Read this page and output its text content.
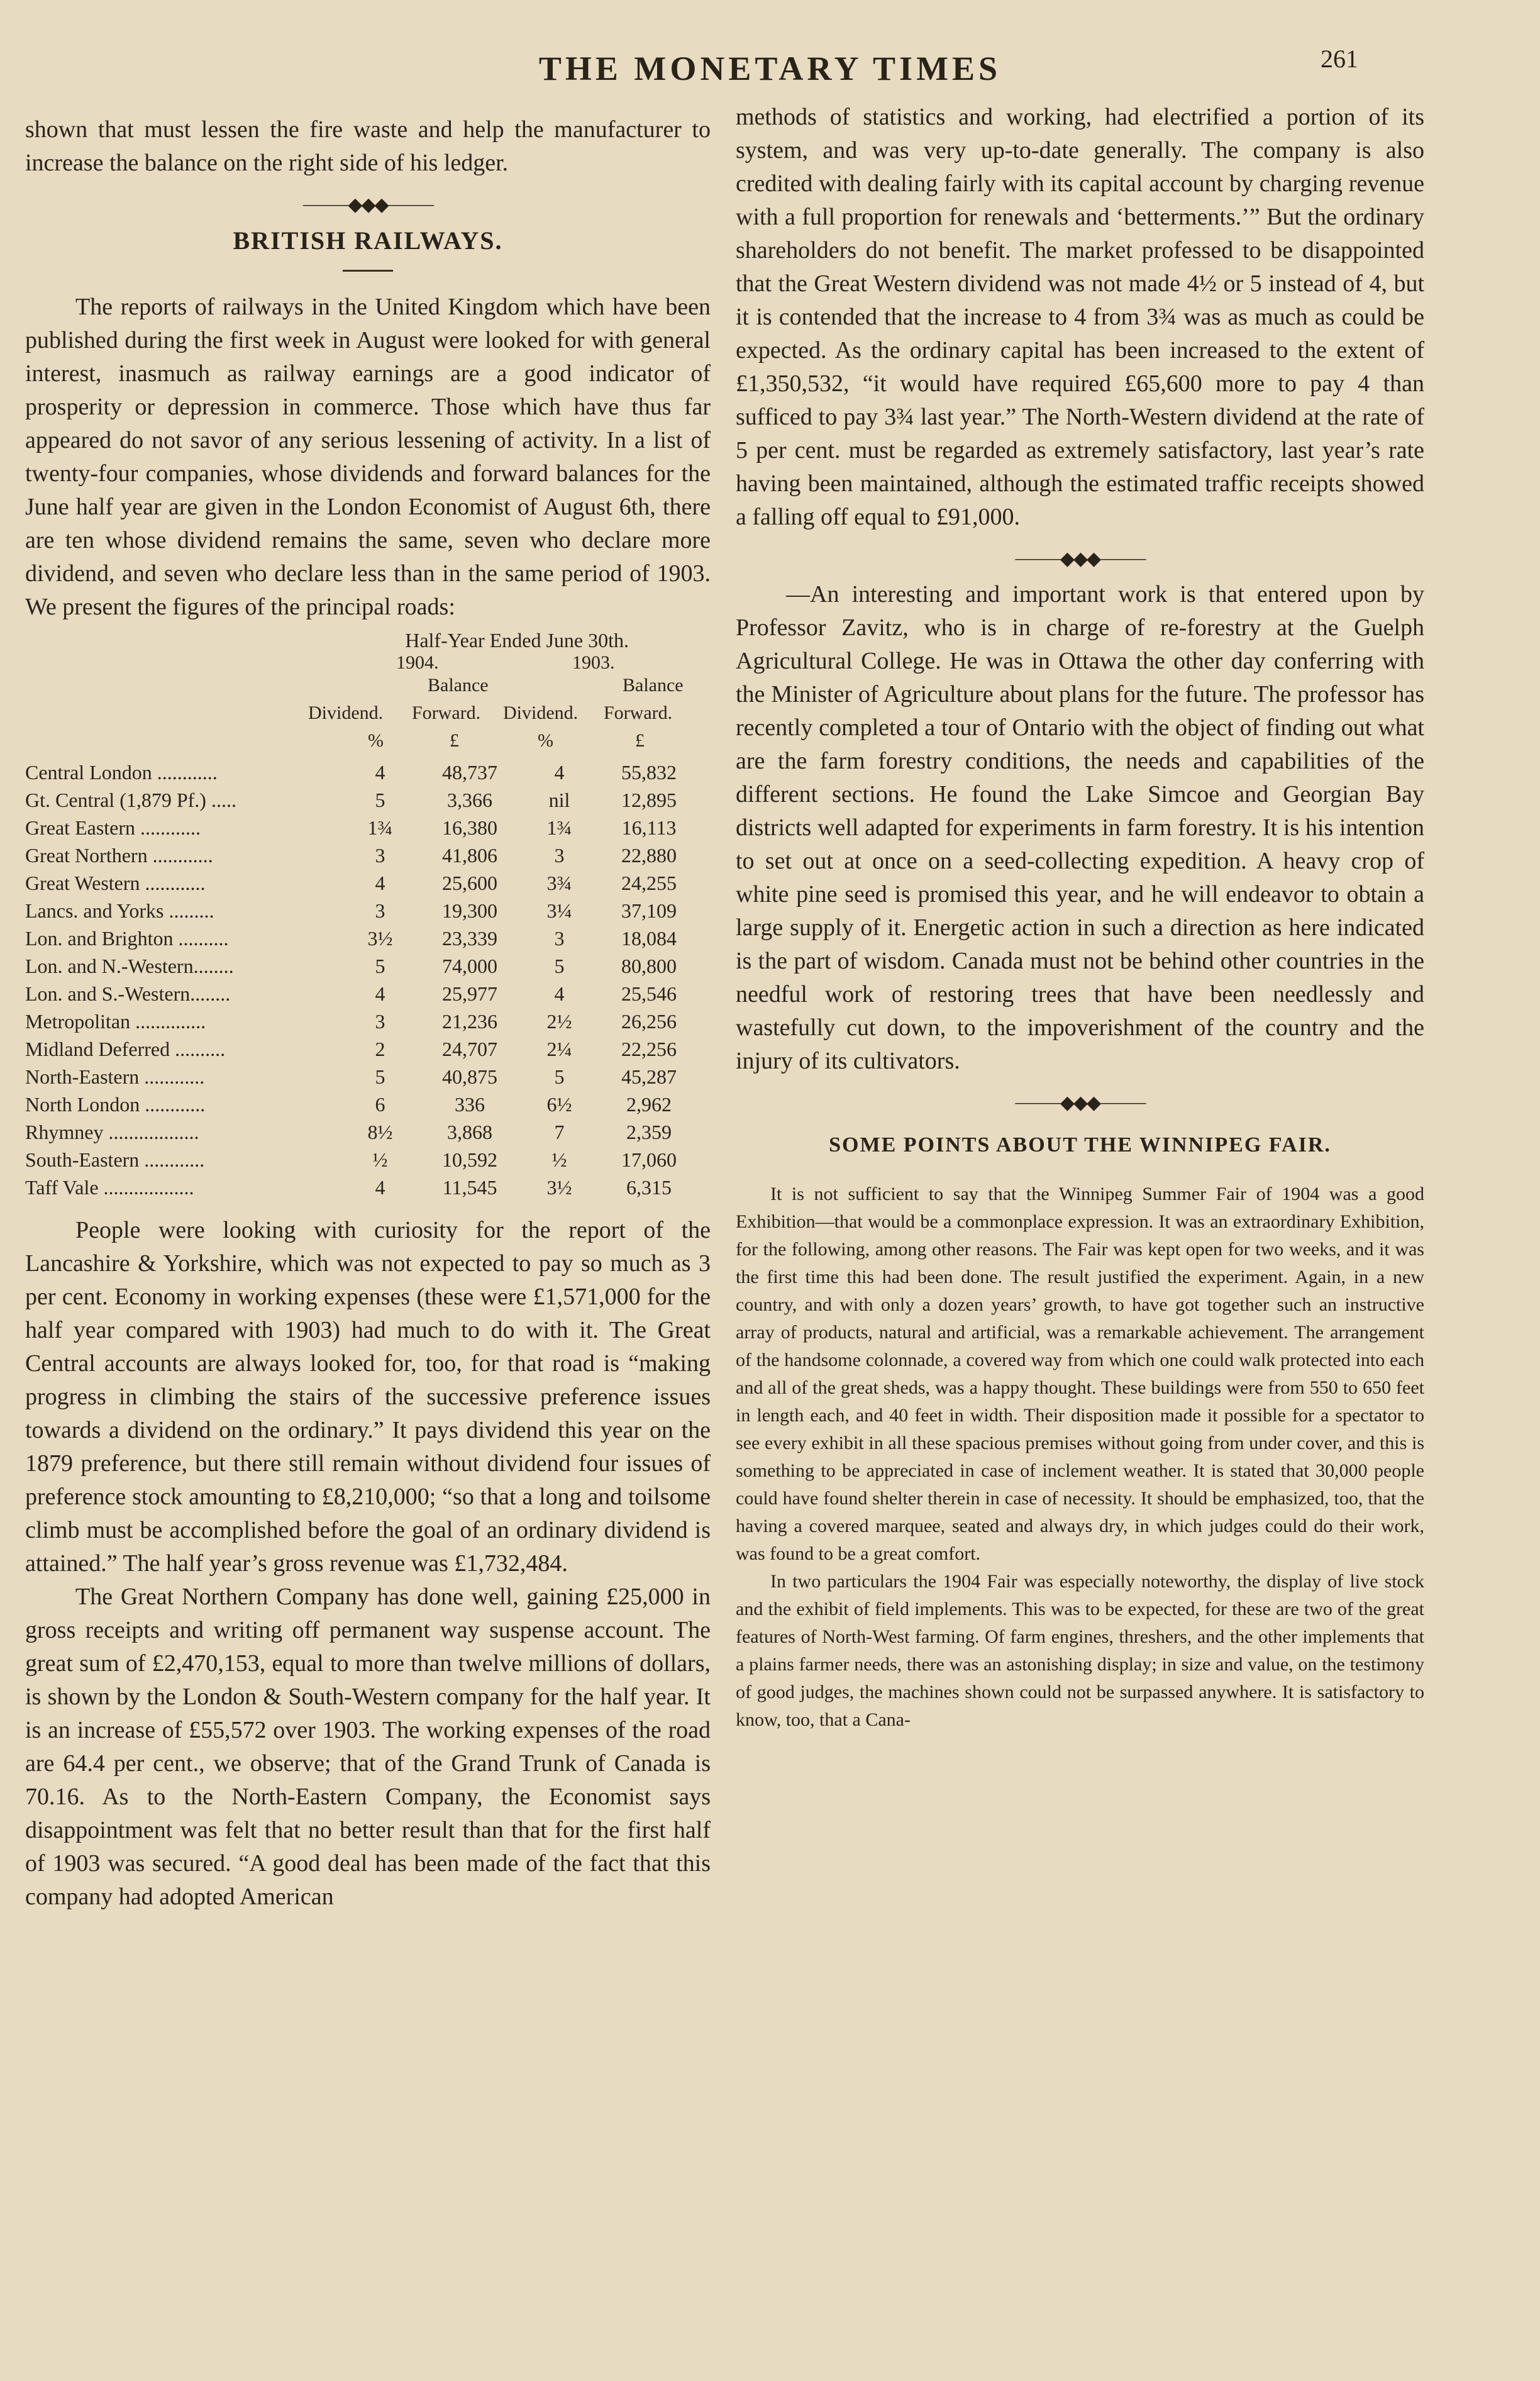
THE MONETARY TIMES	261

shown that must lessen the fire waste and help the manufacturer to increase the balance on the right side of his ledger.

⸻◆◆◆⸻
BRITISH RAILWAYS.

The reports of railways in the United Kingdom which have been published during the first week in August were looked for with general interest, inasmuch as railway earnings are a good indicator of prosperity or depression in commerce. Those which have thus far appeared do not savor of any serious lessening of activity. In a list of twenty-four companies, whose dividends and forward balances for the June half year are given in the London Economist of August 6th, there are ten whose dividend remains the same, seven who declare more dividend, and seven who declare less than in the same period of 1903. We present the figures of the principal roads:

Half-Year Ended June 30th.
1904.	1903.
Balance	Balance
Dividend. Forward. Dividend. Forward.
%	£	%	£
Central London ............	4	48,737	4	55,832
Gt. Central (1,879 Pf.) .....	5	3,366	nil	12,895
Great Eastern ............	1¾	16,380	1¾	16,113
Great Northern ............	3	41,806	3	22,880
Great Western ............	4	25,600	3¾	24,255
Lancs. and Yorks .........	3	19,300	3¼	37,109
Lon. and Brighton ..........	3½	23,339	3	18,084
Lon. and N.-Western........	5	74,000	5	80,800
Lon. and S.-Western........	4	25,977	4	25,546
Metropolitan ..............	3	21,236	2½	26,256
Midland Deferred ..........	2	24,707	2¼	22,256
North-Eastern ............	5	40,875	5	45,287
North London ............	6	336	6½	2,962
Rhymney ..................	8½	3,868	7	2,359
South-Eastern ............	½	10,592	½	17,060
Taff Vale ..................	4	11,545	3½	6,315

People were looking with curiosity for the report of the Lancashire & Yorkshire, which was not expected to pay so much as 3 per cent. Economy in working expenses (these were £1,571,000 for the half year compared with 1903) had much to do with it. The Great Central accounts are always looked for, too, for that road is “making progress in climbing the stairs of the successive preference issues towards a dividend on the ordinary.” It pays dividend this year on the 1879 preference, but there still remain without dividend four issues of preference stock amounting to £8,210,000; “so that a long and toilsome climb must be accomplished before the goal of an ordinary dividend is attained.” The half year’s gross revenue was £1,732,484.

The Great Northern Company has done well, gaining £25,000 in gross receipts and writing off permanent way suspense account. The great sum of £2,470,153, equal to more than twelve millions of dollars, is shown by the London & South-Western company for the half year. It is an increase of £55,572 over 1903. The working expenses of the road are 64.4 per cent., we observe; that of the Grand Trunk of Canada is 70.16. As to the North-Eastern Company, the Economist says disappointment was felt that no better result than that for the first half of 1903 was secured. “A good deal has been made of the fact that this company had adopted American

methods of statistics and working, had electrified a portion of its system, and was very up-to-date generally. The company is also credited with dealing fairly with its capital account by charging revenue with a full proportion for renewals and ‘betterments.’” But the ordinary shareholders do not benefit. The market professed to be disappointed that the Great Western dividend was not made 4½ or 5 instead of 4, but it is contended that the increase to 4 from 3¾ was as much as could be expected. As the ordinary capital has been increased to the extent of £1,350,532, “it would have required £65,600 more to pay 4 than sufficed to pay 3¾ last year.” The North-Western dividend at the rate of 5 per cent. must be regarded as extremely satisfactory, last year’s rate having been maintained, although the estimated traffic receipts showed a falling off equal to £91,000.

⸻◆◆◆⸻

—An interesting and important work is that entered upon by Professor Zavitz, who is in charge of re-forestry at the Guelph Agricultural College. He was in Ottawa the other day conferring with the Minister of Agriculture about plans for the future. The professor has recently completed a tour of Ontario with the object of finding out what are the farm forestry conditions, the needs and capabilities of the different sections. He found the Lake Simcoe and Georgian Bay districts well adapted for experiments in farm forestry. It is his intention to set out at once on a seed-collecting expedition. A heavy crop of white pine seed is promised this year, and he will endeavor to obtain a large supply of it. Energetic action in such a direction as here indicated is the part of wisdom. Canada must not be behind other countries in the needful work of restoring trees that have been needlessly and wastefully cut down, to the impoverishment of the country and the injury of its cultivators.

⸻◆◆◆⸻
SOME POINTS ABOUT THE WINNIPEG FAIR.

It is not sufficient to say that the Winnipeg Summer Fair of 1904 was a good Exhibition—that would be a commonplace expression. It was an extraordinary Exhibition, for the following, among other reasons. The Fair was kept open for two weeks, and it was the first time this had been done. The result justified the experiment. Again, in a new country, and with only a dozen years’ growth, to have got together such an instructive array of products, natural and artificial, was a remarkable achievement. The arrangement of the handsome colonnade, a covered way from which one could walk protected into each and all of the great sheds, was a happy thought. These buildings were from 550 to 650 feet in length each, and 40 feet in width. Their disposition made it possible for a spectator to see every exhibit in all these spacious premises without going from under cover, and this is something to be appreciated in case of inclement weather. It is stated that 30,000 people could have found shelter therein in case of necessity. It should be emphasized, too, that the having a covered marquee, seated and always dry, in which judges could do their work, was found to be a great comfort.

In two particulars the 1904 Fair was especially noteworthy, the display of live stock and the exhibit of field implements. This was to be expected, for these are two of the great features of North-West farming. Of farm engines, threshers, and the other implements that a plains farmer needs, there was an astonishing display; in size and value, on the testimony of good judges, the machines shown could not be surpassed anywhere. It is satisfactory to know, too, that a Cana-
